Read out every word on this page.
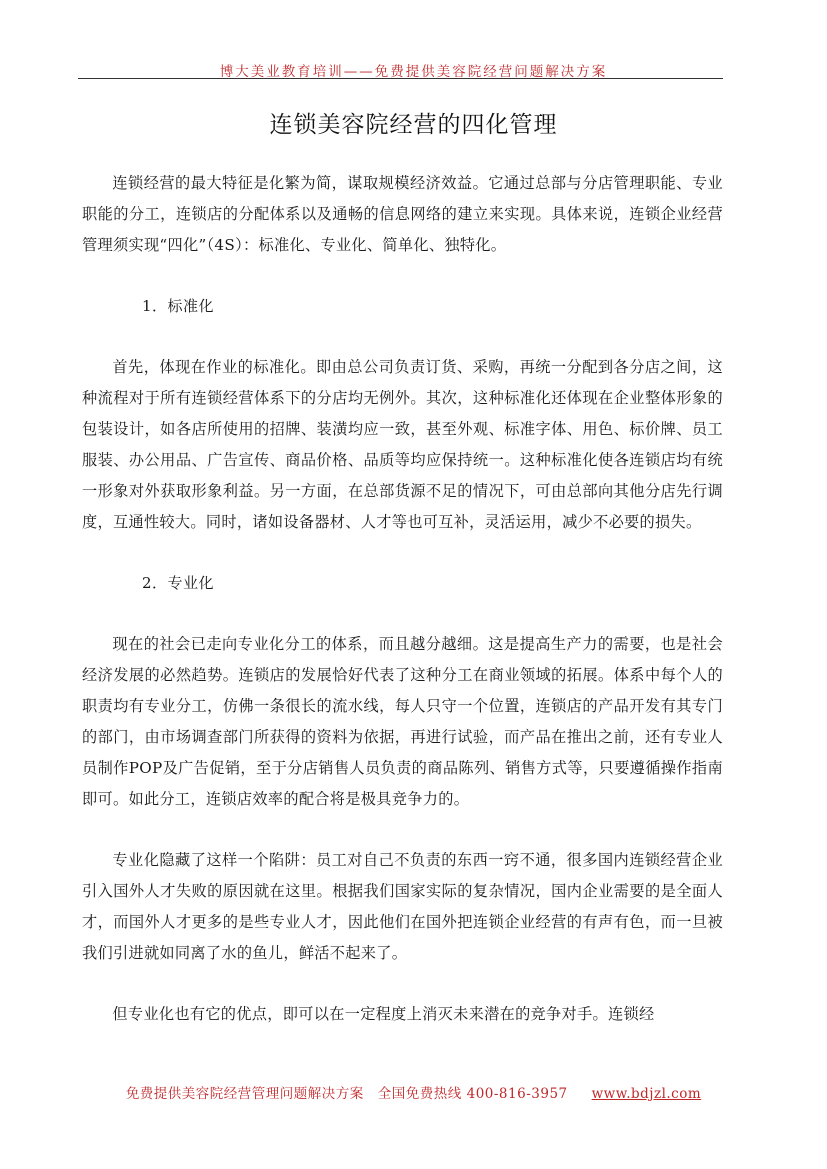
博大美业教育培训——免费提供美容院经营问题解决方案
连锁美容院经营的四化管理

连锁经营的最大特征是化繁为简，谋取规模经济效益。它通过总部与分店管理职能、专业职能的分工，连锁店的分配体系以及通畅的信息网络的建立来实现。具体来说，连锁企业经营管理须实现“四化”（4S）：标准化、专业化、简单化、独特化。

1．标准化

首先，体现在作业的标准化。即由总公司负责订货、采购，再统一分配到各分店之间，这种流程对于所有连锁经营体系下的分店均无例外。其次，这种标准化还体现在企业整体形象的包装设计，如各店所使用的招牌、装潢均应一致，甚至外观、标准字体、用色、标价牌、员工服装、办公用品、广告宣传、商品价格、品质等均应保持统一。这种标准化使各连锁店均有统一形象对外获取形象利益。另一方面，在总部货源不足的情况下，可由总部向其他分店先行调度，互通性较大。同时，诸如设备器材、人才等也可互补，灵活运用，减少不必要的损失。

2．专业化

现在的社会已走向专业化分工的体系，而且越分越细。这是提高生产力的需要，也是社会经济发展的必然趋势。连锁店的发展恰好代表了这种分工在商业领域的拓展。体系中每个人的职责均有专业分工，仿佛一条很长的流水线，每人只守一个位置，连锁店的产品开发有其专门的部门，由市场调查部门所获得的资料为依据，再进行试验，而产品在推出之前，还有专业人员制作POP及广告促销，至于分店销售人员负责的商品陈列、销售方式等，只要遵循操作指南即可。如此分工，连锁店效率的配合将是极具竞争力的。

专业化隐藏了这样一个陷阱：员工对自己不负责的东西一窍不通，很多国内连锁经营企业引入国外人才失败的原因就在这里。根据我们国家实际的复杂情况，国内企业需要的是全面人才，而国外人才更多的是些专业人才，因此他们在国外把连锁企业经营的有声有色，而一旦被我们引进就如同离了水的鱼儿，鲜活不起来了。

但专业化也有它的优点，即可以在一定程度上消灭未来潜在的竞争对手。连锁经

免费提供美容院经营管理问题解决方案　全国免费热线 400-816-3957 www.bdjzl.com
